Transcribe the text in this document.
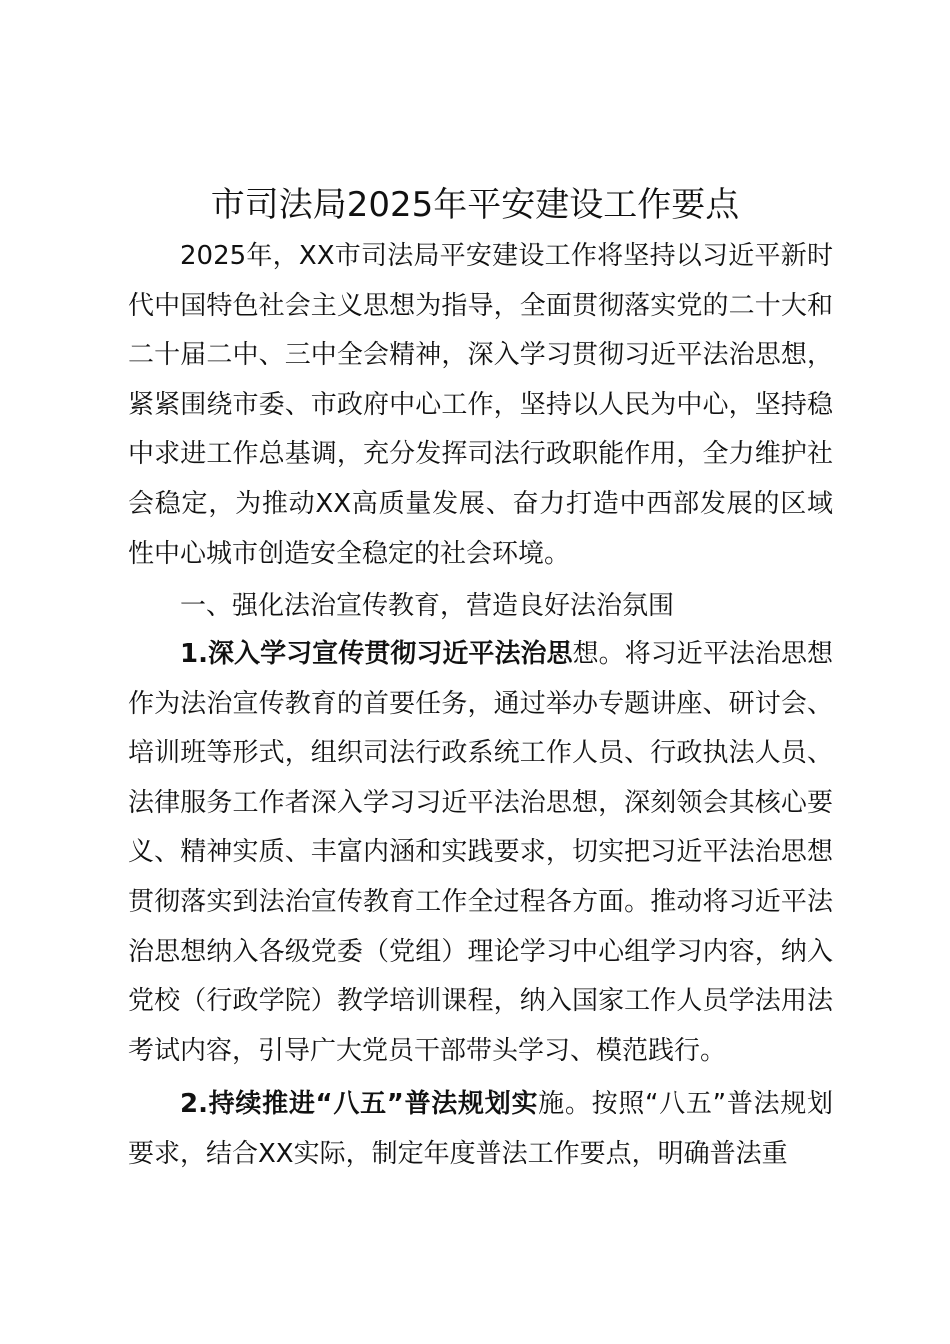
市司法局2025年平安建设工作要点

2025年，XX市司法局平安建设工作将坚持以习近平新时代中国特色社会主义思想为指导，全面贯彻落实党的二十大和二十届二中、三中全会精神，深入学习贯彻习近平法治思想，紧紧围绕市委、市政府中心工作，坚持以人民为中心，坚持稳中求进工作总基调，充分发挥司法行政职能作用，全力维护社会稳定，为推动XX高质量发展、奋力打造中西部发展的区域性中心城市创造安全稳定的社会环境。

一、强化法治宣传教育，营造良好法治氛围

1.深入学习宣传贯彻习近平法治思想。将习近平法治思想作为法治宣传教育的首要任务，通过举办专题讲座、研讨会、培训班等形式，组织司法行政系统工作人员、行政执法人员、法律服务工作者深入学习习近平法治思想，深刻领会其核心要义、精神实质、丰富内涵和实践要求，切实把习近平法治思想贯彻落实到法治宣传教育工作全过程各方面。推动将习近平法治思想纳入各级党委（党组）理论学习中心组学习内容，纳入党校（行政学院）教学培训课程，纳入国家工作人员学法用法考试内容，引导广大党员干部带头学习、模范践行。

2.持续推进“八五”普法规划实施。按照“八五”普法规划要求，结合XX实际，制定年度普法工作要点，明确普法重
